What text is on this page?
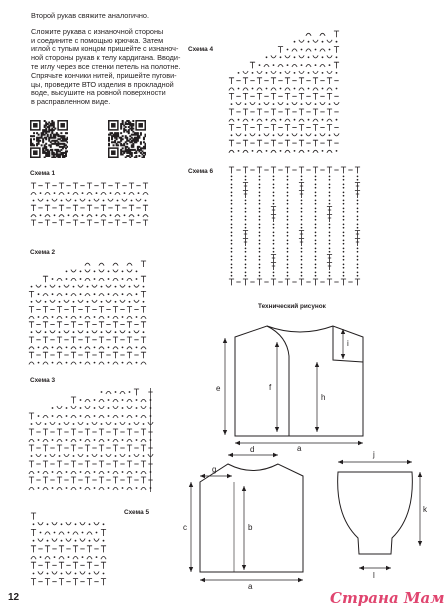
Второй рукав свяжите аналогично.
Сложите рукава с изнаночной стороны
и соедините с помощью крючка. Затем
иглой с тупым концом пришейте с изнаноч-
ной стороны рукав к телу кардигана. Вводи-
те иглу через все стенки петель на полотне.
Спрячьте кончики нитей, пришейте пугови-
цы, проведите ВТО изделия в прокладной
воде, высушите на ровной поверхности
в расправленном виде.
Схема 1
Схема 2
Схема 3
Схема 4
Схема 5
Схема 6
Технический рисунок
e	f
i
h
a
d
g
c	b
a
j
k
l
12	Страна Мам
